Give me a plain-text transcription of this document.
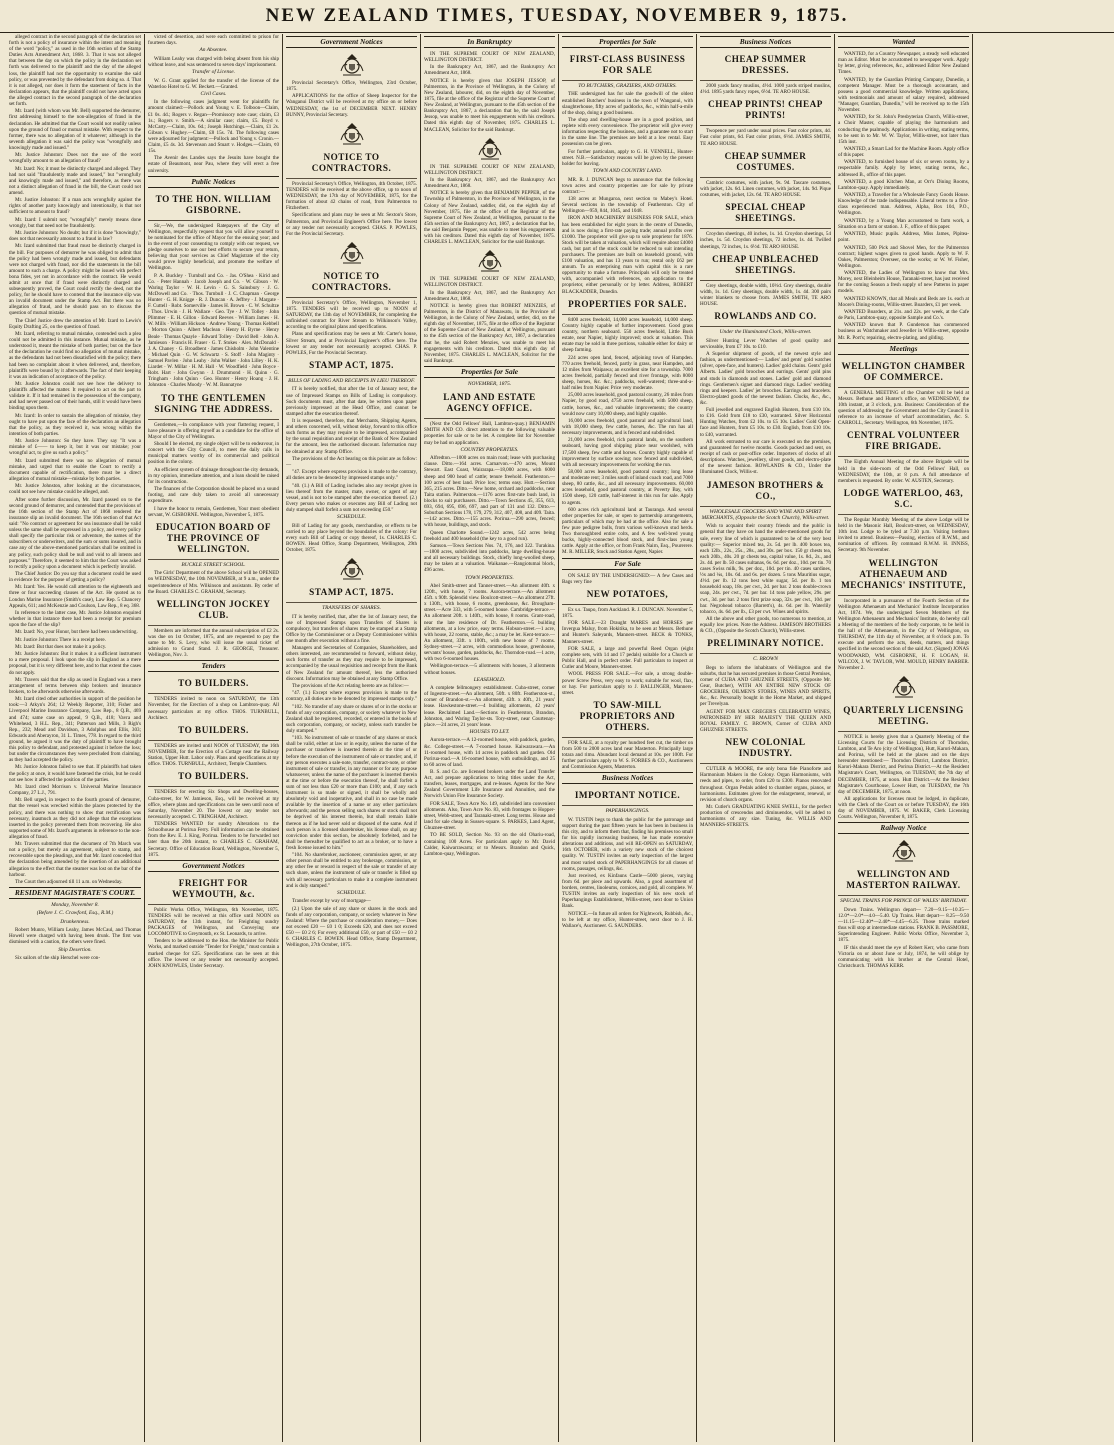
NEW ZEALAND TIMES, TUESDAY, NOVEMBER 9, 1875.

alleged contract in the second paragraph of the declaration set forth is not a policy of insurance within the intent and meaning of the word "policy," as used in the 16th section of the Stamp Duties Acts Amendment Act, 1868. 3. That it was not alleged that between the day on which the policy in the declaration set forth was delivered to the plaintiff and the day of the alleged loss, the plaintiff had not the opportunity to examine the said policy, or was prevented by the defendant from doing so. 4. That it is not alleged, nor does it form the statement of facts in the declaration appears, that the plaintiff could not have acted upon the alleged contract in the second paragraph of the declaration set forth.

Mr. Izard (with whom was Mr. Bell) supported the demurrer, first addressing himself to the non-allegation of fraud in the declaration. He admitted that the Court would not readily unless upon the ground of fraud or mutual mistake. With respect to the former, there was no allegation of it whatever; although in the seventh allegation it was said the policy was "wrongfully and knowingly made and issued."

Mr. Justice Johnston: Does not the use of the word wrongfully amount to an allegation of fraud?

Mr. Izard: No; it must be distinctly charged and alleged. They had not said "fraudulently made and issued," but "wrongfully and knowingly made and issued," and therefore, as there was not a distinct allegation of fraud in the bill, the Court could not amend.

Mr. Justice Johnston: If a man acts wrongfully against the rights of another party knowingly and intentionally, is that not sufficient to amount to fraud?

Mr. Izard: I submit not; "wrongfully" merely means done wrongly, but that need not be fraudulently.

Mr. Justice Johnston: No doubt; but if it is done "knowingly," does not that necessarily amount to a fraud in law?

Mr. Izard submitted that fraud must be distinctly charged in the bill. For purposes of demurrer he was obliged to admit that the policy had been wrongly made and issued, but defendants were not charged with fraud, nor did the statements in the bill amount to such a charge. A policy might be issued with perfect bona fides, yet not in accordance with the contract. He would admit at once that if fraud were distinctly charged and subsequently proved, the Court could rectify the deed, not the policy, for he should have to contend that the insurance slip was an invalid document under the Stamp Act. But there was no allegation of fraud, and he should pass on to discuss the question of mutual mistake.

The Chief Justice drew the attention of Mr. Izard to Lewis's Equity Drafting 25, on the question of fraud.

Mr. Izard, referring to mutual mistake, contended such a plea could not be admitted in this instance. Mutual mistake, as he understood it, meant the mistake of both parties; but on the face of the declaration he could find no allegation of mutual mistake, as the defendants had not been dissatisfied with the policy; there had been no complaint about it when delivered, and, therefore, plaintiffs were bound by it afterwards. The fact of their keeping it was an indication of acceptance of the policy.

Mr. Justice Johnston could not see how the delivery to plaintiffs affected the matter. It required to act on the part to validate it. If it had remained in the possession of the company, and had never passed out of their hands, still it would have been binding upon them.

Mr. Izard: In order to sustain the allegation of mistake, they ought to have put upon the face of the declaration an allegation that the policy, as they received it, was wrong within the intention of both parties.

Mr. Justice Johnston: So they have. They say "It was a mistake of £—— to keep it, but it was our mistake; your wrongful act, to give us such a policy."

Mr. Izard submitted there was no allegation of mutual mistake, and urged that to enable the Court to rectify a document capable of rectification, there must be a direct allegation of mutual mistake—mistake by both parties.

Mr. Justice Johnston, after looking at the circumstances, could not see how mistake could be alleged, and.

After some further discussion, Mr. Izard passed on to the second ground of demurrer, and contended that the provisions of the 16th section of the Stamp Act of 1868 rendered the insurance slip an invalid document. The 16th section of that Act said: "No contract or agreement for sea insurance shall be valid unless the same shall be expressed in a policy, and every policy shall specify the particular risk or adventure, the names of the subscribers or underwriters, and the sum or sums insured, and in case any of the above-mentioned particulars shall be omitted in any policy, such policy shall be null and void to all intents and purposes." Therefore, it seemed to him that the Court was asked to rectify a policy upon a document which is perfectly invalid.

The Chief Justice: Do you say that a document could be used in evidence for the purpose of getting a policy?

Mr. Izard: Yes. He would call attention to the eighteenth and three or four succeeding clauses of the Act. He quoted as to London Marine Insurance (Smith's case), Law Rep. 5 Chancery Appeals, 611; and McKenzie and Coulson, Law Rep., 8 eq. 368.

In reference to the latter case, Mr. Justice Johnston enquired whether in that instance there had been a receipt for premium upon the face of the slip?

Mr. Izard: No, your Honor, but there had been underwriting.

Mr. Justice Johnston: There is a receipt here.

Mr. Izard: But that does not make it a policy.

Mr. Justice Johnston: But it makes it a sufficient instrument to a mere proposal. I look upon the slip in England as a mere proposal, but it is very different here, and to that extent the cases do not apply.

Mr. Travers said that the slip as used in England was a mere arrangement of terms between ship brokers and insurance brokers, to be afterwards otherwise afterwards.

Mr. Izard cited other authorities in support of the position he took:—3 Atkyn's 264; 12 Weekly Reporter, 310; Fisher and Liverpool Marine Insurance Company, Law Rep., 8 Q.B., 469 and 474; same case on appeal, 9 Q.B., 418; Vavra and Whitehead, 3 H.L. Rep., 341; Patterson and Mills, 3 Righ's Rep., 232; Mead and Davidson, 3 Adolphus and Ellis, 303; Edwards and Aberayron, 31 L. Times, 778. In regard to the third ground, he argued it was the duty of plaintiff to have brought this policy to defendant, and protested against it before the loss; but under the circumstances they were precluded from claiming, as they had accepted the policy.

Mr. Justice Johnston failed to see that. If plaintiffs had taken the policy at once, it would have fastened the crisis, but he could not see how it affected the position of the parties.

Mr. Izard cited Morrison v. Universal Marine Insurance Company, 27 L.J., 791.

Mr. Bell urged, in respect to the fourth ground of demurrer, that the vessel was wrecked within the places protected by the policy, and there was nothing to show that rectification was necessary, inasmuch as they did not allege that the exceptions inserted in the policy prevented them from recovering. He also supported some of Mr. Izard's arguments in reference to the non-allegation of fraud.

Mr. Travers submitted that the document of 7th March was not a policy, but merely an agreement, subject to stamp, and recoverable upon the pleadings, and that Mr. Izard conceded that the declaration being amended by the insertion of an additional allegation to the effect that the steamer was lost on the bar of the harbour.

The Court then adjourned till 11 a.m. on Wednesday.

RESIDENT MAGISTRATE'S COURT.
Monday, November 8.
(Before J. C. Crawford, Esq., R.M.)
Drunkenness.

Robert Munro, William Leahy, James McCaul, and Thomas Howell were charged with having been drunk. The first was dismissed with a caution, the others were fined.

Ship Desertion.

Six sailors of the ship Herschel were con-

victed of desertion, and were each committed to prison for fourteen days.

An Absentee.

William Leahy was charged with being absent from his ship without leave, and was sentenced to seven days' imprisonment.

Transfer of License.

W. G. Grant applied for the transfer of the license of the Waterloo Hotel to G. W. Beckett.—Granted.

Civil Cases.

In the following cases judgment went for plaintiffs for amount claimed:—Pollock and Young v. E. Tolboon—Claim, £1 0s. 4d.; Rogers v. Regan—Promissory note case; claim, £3 1s.; Rogers v. Smith.—A similar case; claim, £5. Boyd v. McCarty.—Claim, 10s. 6d.; Joseph Hutchings.—Claim, £1 2s. Gibson v. Hughey.—Claim, £8 15s. 7d. The following cases were adjourned for judgment:—Pollock and Young v. Cronin.—Claim, £5 4s. 3d. Stevenson and Stuart v. Hodges.—Claim, ¢0 15s.

The Avenir des Landes says the Jesuits have bought the estate of Beaumont, near Pau, where they will erect a free university.

Public Notices
TO THE HON. WILLIAM GISBORNE.

Sir,—We, the undersigned Ratepayers of the City of Wellington, respectfully request that you will allow yourself to be nominated for the office of Mayor for the ensuing year; and in the event of your consenting to comply with our request, we pledge ourselves to use our best efforts to secure your return, believing that your services as Chief Magistrate of the city would prove highly beneficial, and promote the welfare of Wellington.

P. A. Buckley · Turnbull and Co. · Jas. O'Shea · Kirid and Co. · Peter Hannah · Jacob Joseph and Co. · W. Gibson · W. Waring Taylor · W. H. Levin · G. S. Sainsbury · J. G. McDowell and Co. · Thos. Turnbull · J. C. Chapman · George Hunter · G. H. Knigge · R. J. Duncan · A. Jeffrey · J. Margate · F. Cuttell · Robt. Somerville · James H. Brown · C. W. Schultze · Thos. Urwin · J. H. Wallace · Geo. Tye · J. W. Tolley · John Plimmer · E. H. Gillon · Edward Reeves · William James · H. W. Mills · William Hickson · Andrew Young · Thomas Kebbell · Morton Quinn · Albert Maclean · Henry H. Byrne · Henry Beale · Thomas Quayle · Edward Tolley · David Bell · John A. Jamieson · Francis H. Fraser · G. T. Stokes · Alex. McDonald · J. A. Chaney · G. Broadbent · James Chisholm · John Valentine · Michael Quin · G. W. Schwartz · S. Stoff · John Maginty · Samuel Pavlen · John Leahy · John Walker · John Lilley · H. K. Liardet · W. Millar · H. M. Hall · W. Woodfield · John Boyce · Robt. Hart · John Gwynn · J. Drummond · H. Quinn · G. Tringham · John Quinn · Geo. Hunter · Henry Hoang · J. H. Johnston · Charles Moody · W. M. Bannatyne

TO THE GENTLEMEN SIGNING THE ADDRESS.

Gentlemen,—In compliance with your flattering request, I have pleasure in offering myself as a candidate for the office of Mayor of the City of Wellington.

Should I be elected, my single object will be to endeavour, in concert with the City Council, to meet the daily calls in municipal matters worthy of its commercial and political position in the colony.

An efficient system of drainage throughout the city demands, in my opinion, immediate attention, and a loan should be raised for its construction.

The finances of the Corporation should be placed on a sound footing, and care duly taken to avoid all unnecessary expenditure.

I have the honor to remain, Gentlemen, Your most obedient servant, W. GISBORNE. Wellington, November 5, 1875.

EDUCATION BOARD OF THE PROVINCE OF WELLINGTON.
BUCKLE STREET SCHOOL.

The Girls' Department of the above School will be OPENED on WEDNESDAY, the 10th NOVEMBER, at 9 a.m., under the superintendence of Mrs. Wilkinson and assistants. By order of the Board. CHARLES C. GRAHAM, Secretary.

WELLINGTON JOCKEY CLUB.

Members are informed that the annual subscription of £2 2s. was due on 1st October, 1875, and are requested to pay the same to Mr. S. Levy, who will issue the usual ticket of admission to Grand Stand. J. R. GEORGE, Treasurer. Wellington, Nov. 3.

Tenders
TO BUILDERS.

TENDERS invited to noon on SATURDAY, the 13th November, for the Erection of a shop on Lambton-quay. All necessary particulars at my office. THOS. TURNBULL, Architect.

TO BUILDERS.

TENDERS are invited until NOON of TUESDAY, the 16th NOVEMBER, for the Erection of a Cottage near the Railway Station, Upper Hutt. Labor only. Plans and specifications at my office. THOS. TURNBULL, Architect, Temple Chambers.

TO BUILDERS.

TENDERS for erecting Six Shops and Dwelling-houses, Cuba-street, for W. Jamieson, Esq., will be received at my office, where plans and specifications can be seen until noon of Saturday, November 20. The lowest or any tender not necessarily accepted. C. TRINGHAM, Architect.

TENDERS WANTED for sundry Alterations to the Schoolhouse at Porirua Ferry. Full information can be obtained from the Rev. E. J. King, Porirua. Tenders to be forwarded not later than the 20th instant, to CHARLES C. GRAHAM, Secretary. Office of Education Board, Wellington, November 5, 1875.

Government Notices
FREIGHT FOR WEYMOUTH, &c.

Public Works Office, Wellington, 6th November, 1875. TENDERS will be received at this office until NOON on SATURDAY, the 13th instant, for Freighting sundry PACKAGES of Wellington, and Conveying one LOCOMOTIVE to Greymouth, ex St. Leonards, to arrive.

Tenders to be addressed to the Hon. the Minister for Public Works, and marked outside "Tender for Freight," must contain a marked cheque for £25. Specifications can be seen at this office. The lowest or any tender not necessarily accepted. JOHN KNOWLES, Under Secretary.

Government Notices

Provincial Secretary's Office, Wellington, 23rd October, 1875.

APPLICATIONS for the office of Sheep Inspector for the Wanganui District will be received at my office on or before WEDNESDAY, the 1st of DECEMBER NEXT. HENRY BUNNY, Provincial Secretary.

NOTICE TO CONTRACTORS.

Provincial Secretary's Office, Wellington, 4th October, 1875. TENDERS will be received at the above office, up to noon of WEDNESDAY, the 17th day of NOVEMBER, 1875, for the formation of about 42 chains of road, from Palmerston to Fitzherbert.

Specifications and plans may be seen at Mr. Sexton's Store, Palmerston, and Provincial Engineer's Office here. The lowest or any tender not necessarily accepted. CHAS. P. POWLES, For the Provincial Secretary.

NOTICE TO CONTRACTORS.

Provincial Secretary's Office, Wellington, November 1, 1875. TENDERS will be received up to NOON of SATURDAY, the 13th day of NOVEMBER, for completing the unfinished contract for River Stream to Wilkinson's Valley, according to the original plans and specifications.

Plans and specifications may be seen at Mr. Carter's house, Silver Stream, and at Provincial Engineer's office here. The lowest or any tender not necessarily accepted. CHAS. P. POWLES, For the Provincial Secretary.

STAMP ACT, 1875.
BILLS OF LADING AND RECEIPTS IN LIEU THEREOF.

IT is hereby notified, that after the 1st of January next, the use of Impressed Stamps on Bills of Lading is compulsory. Such documents must, after that date, be written upon paper previously impressed at the Head Office, and cannot be stamped after the execution thereof.

It is requested, therefore, that Merchants, Shipping Agents, and others concerned, will, without delay, forward to this office such forms as they may require to be impressed, accompanied by the usual requisition and receipt of the Bank of New Zealand for the amount, less the authorised discount. Information may be obtained at any Stamp Office.

The provisions of the Act bearing on this point are as follow:—

"47. Except where express provision is made to the contrary, all duties are to be denoted by impressed stamps only."

"40. (1.) A Bill of Lading includes also any receipt given in lieu thereof from the master, mate, owner, or agent of any vessel, and is not to be stamped after the execution thereof. (2.) Every person who makes or executes any Bill of Lading not duly stamped shall forfeit a sum not exceeding £50."

SCHEDULE.

Bill of Lading for any goods, merchandise, or effects to be carried to any place beyond the boundaries of the colony: For every such Bill of Lading or copy thereof, 1s. CHARLES C. BOWEN. Head Office, Stamp Department, Wellington, 29th October, 1875.

STAMP ACT, 1875.
TRANSFERS OF SHARES.

IT is hereby notified, that, after the 1st of January next, the use of Impressed Stamps upon Transfers of Shares is compulsory, but transfers of shares may be stamped at a Stamp Office by the Commissioner or a Deputy Commissioner within one month after execution without a fine.

Managers and Secretaries of Companies, Shareholders, and others interested, are recommended to forward, without delay, such forms of transfer as they may require to be impressed, accompanied by the usual requisition and receipt from the Bank of New Zealand for amount thereof, less the authorised discount. Information may be obtained at any Stamp Office.

The provisions of the Act relating hereto are as follow:—

"47. (1.) Except where express provision is made to the contrary, all duties are to be denoted by impressed stamps only."

"102. No transfer of any share or shares of or in the stocks or funds of any corporation, company, or society whatever in New Zealand shall be registered, recorded, or entered in the books of such corporation, company, or society, unless such transfer be duly stamped."

"103. No instrument of sale or transfer of any shares or stock shall be valid, either at law or in equity, unless the name of the purchaser or transferee is inserted therein at the time of or before the execution of the instrument of sale or transfer; and, if any person executes a sale-note, transfer, contract-note, or other instrument of sale or transfer, in any manner or for any purpose whatsoever, unless the name of the purchaser is inserted therein at the time or before the execution thereof, he shall forfeit a sum of not less than £20 or more than £100; and, if any such instrument is so made or signed, it shall be wholly and absolutely void and inoperative, and shall in no case be made available by the insertion of a name or any other particulars afterwards; and the person selling such shares or stock shall not be deprived of his interest therein, but shall remain liable thereon as if he had never sold or disposed of the same. And if such person is a licensed sharebroker, his license shall, on any conviction under this section, be absolutely forfeited, and he shall be thereafter be qualified to act as a broker, or to have a fresh license issued to him."

"104. No sharebroker, auctioneer, commission agent, or any other person shall be entitled to any brokerage, commission, or any other fee or reward in respect of the sale or transfer of any such share, unless the instrument of sale or transfer is filled up with all necessary particulars to make it a complete instrument and is duly stamped."

SCHEDULE.

Transfer except by way of mortgage—

(2.) Upon the sale of any share or shares in the stock and funds of any corporation, company, or society whatever in New Zealand: Where the purchase or consideration money,— Does not exceed £20 — £0 1 0; Exceeds £20, and does not exceed £50 — £0 2 6; For every additional £50, or part of £50 — £0 2 6. CHARLES C. BOWEN. Head Office, Stamp Department, Wellington, 27th October, 1875.

In Bankruptcy

IN THE SUPREME COURT OF NEW ZEALAND, WELLINGTON DISTRICT.

In the Bankruptcy Act, 1867, and the Bankruptcy Act Amendment Act, 1868.

NOTICE is hereby given that JOSEPH JESSOP, of Palmerston, in the Province of Wellington, in the Colony of New Zealand, labourer, did, on the eighth day of November, 1875, file at the office of the Registrar of the Supreme Court of New Zealand, at Wellington, pursuant to the 45th section of the Bankruptcy Act, 1867, a declaration that he, the said Joseph Jessop, was unable to meet his engagements with his creditors. Dated this eighth day of November, 1875. CHARLES L. MACLEAN, Solicitor for the said Bankrupt.

IN THE SUPREME COURT OF NEW ZEALAND, WELLINGTON DISTRICT.

In the Bankruptcy Act, 1867, and the Bankruptcy Act Amendment Act, 1868.

NOTICE is hereby given that BENJAMIN PEPPER, of the Township of Palmerston, in the Province of Wellington, in the Colony of New Zealand, saddler, did, on the eighth day of November, 1875, file at the office of the Registrar of the Supreme Court of New Zealand, at Wellington, pursuant to the 45th section of the Bankruptcy Act, 1867, a declaration that he, the said Benjamin Pepper, was unable to meet his engagements with his creditors. Dated this eighth day of November, 1875. CHARLES L. MACLEAN, Solicitor for the said Bankrupt.

IN THE SUPREME COURT OF NEW ZEALAND, WELLINGTON DISTRICT.

In the Bankruptcy Act, 1867, and the Bankruptcy Act Amendment Act, 1868.

NOTICE is hereby given that ROBERT MENZIES, of Palmerston, in the District of Manawatu, in the Province of Wellington, in the Colony of New Zealand, settler, did, on the eighth day of November, 1875, file at the office of the Registrar of the Supreme Court of New Zealand, at Wellington, pursuant to the 45th section of the Bankruptcy Act, 1867, a declaration that he, the said Robert Menzies, was unable to meet his engagements with his creditors. Dated this eighth day of November, 1875. CHARLES L. MACLEAN, Solicitor for the said Bankrupt.

Properties for Sale
NOVEMBER, 1875.
LAND AND ESTATE AGENCY OFFICE.

(Next the Odd Fellows' Hall, Lambton-quay.) BENJAMIN SMITH AND CO. direct attention to the following valuable properties for sale or to be let. A complete list for November may be had on application.

COUNTRY PROPERTIES.

Alfredton.—1000 acres on main road; lease with purchasing clause. Ditto.—164 acres. Carnarvon.—470 acres, Mount Stewart. East Coast, Wairarapa.—18,000 acres, with 6000 sheep and 900 head of cattle; tenure freehold. Featherston.—100 acres of best land. Price low; terms easy. Hutt.—Section 365, 215 acres. Ditto.—New home, orchard and paddocks, near Taita station. Palmerston.—1176 acres first-rate bush land, in blocks to suit purchasers. Ditto.—Town Sections 45, 355, 613, 693, 694, 695, 696, 697, and part of 131 and 132. Ditto.—Suburban Sections 178, 179, 279, 312, 407, 408, and 409. Taita.—142 acres. Ditto.—155 acres. Porirua.—290 acres, fenced; with house, buildings, and stock.

Queen Charlotte Sound.—1242 acres, 542 acres being freehold and 400 leasehold (the key to a good run).

Samson.—Town Sections Nos. 74, 176, and 322. Turakina.—1800 acres, subdivided into paddocks, large dwelling-house and all necessary buildings. Stock, chiefly long-woolled sheep, may be taken at a valuation. Waikanae.—Rangiotumai block, 496 acres.

TOWN PROPERTIES.

Abel Smith-street and Tanner-street.—An allotment 40ft. x 120ft., with house, 7 rooms. Aurora-terrace.—An allotment 45ft. x 90ft. Splendid view. Boulcott-street.—An allotment 27ft. x 130ft., with house, 6 rooms, greenhouse, &c. Brougham-street.—Acre 333, with 5-roomed house. Cambridge-terrace.—An allotment 20ft. x 140ft., with house, 8 rooms. Grant-road, near the late residence of Dr. Featherston.—5 building allotments, at a low price, easy terms. Hobson-street.—1 acre, with house, 22 rooms, stable, &c.; a may be let. Kent-terrace.—An allotment, 33ft. x 100ft., with new house of 7 rooms. Sydney-street.—2 acres, with commodious house, greenhouse, servants' house, garden, paddocks, &c. Thorndon-road.—1 acre, with two 6-roomed houses.

Wellington-terrace.—5 allotments with houses, 3 allotments without houses.

LEASEHOLD.

A complete fellmongery establishment. Cuba-street, corner of Ingestre-street.—An allotment, 50ft. x 80ft. Featherston-st., corner of Brandon-st.—An allotment, 43ft. x 40ft., 21 years' lease. Hawkestone-street.—4 building allotments, 42 years' lease. Reclaimed Land.—Sections in Featherston, Brandon, Johnston, and Waring Taylor-sts. Tory-street, near Courtenay-place.—24 acres, 21 years' lease.

HOUSES TO LET.

Aurora-terrace.—A 12-roomed house, with paddock, garden, &c. College-street.—A 7-roomed house. Kaiwarawara.—An 11-roomed house, with 14 acres in paddock and garden. Old Porirua-road.—A 16-roomed house, with outbuildings, and 25 to 60 acres of land.

B. S. and Co. are licensed brokers under the Land Transfer Act, and prepare applications to bring titles under the Act, transfers, leases, mortgages, and re-leases. Agents for the New Zealand Government Life Insurance and Annuities, and the Norwich Union Fire Insurance Society.

FOR SALE, Town Acre No. 149, subdivided into convenient allotments. Also, Town Acre No. 83, with frontages to Hopper-street, Webb-street, and Taranaki-street. Long terms. House and land for sale cheap in Sussex-square. S. PARKES, Land Agent, Ghuznee-street.

TO BE SOLD, Section No. 93 on the old Ohariu-road, containing 100 Acres. For particulars apply to Mr. David Calder, Kaiwarrawarra; or to Messrs. Brandon and Quick, Lambton-quay, Wellington.

Properties for Sale
FIRST-CLASS BUSINESS FOR SALE
TO BUTCHERS, GRAZIERS, AND OTHERS.

THE undersigned has for sale the goodwill of the oldest established Butchers' business in the town of Wanganui, with slaughterhouse, fifty acres of paddocks, &c., within half-a-mile of the shop, doing a good business.

The shop and dwelling-house are in a good position, and replete with every convenience. The proprietor will give every information respecting the business, and a guarantee not to start in the same line. The premises are held at a low rental. Easy possession can be given.

For further particulars, apply to G. H. VENNELL, Hunter-street. N.B.—Satisfactory reasons will be given by the present holder for leaving.

TOWN AND COUNTRY LAND.

MR. R. J. DUNCAN begs to announce that the following town acres and country properties are for sale by private contract:—

138 acres at Mungaroa, next section to Mabey's Hotel. Several sections in the township of Featherston. City of Wellington—959, 844, 1045, and 1048.

IRON AND MACHINERY BUSINESS FOR SALE, which has been established for eight years in the centre of Dunedin, and is now doing a first-rate paying trade; annual profits over £1000. The proprietor will give up to sole proprietor for 1876. Stock will be taken at valuation, which will require about £4000 cash, but part of the stock could be reduced to suit intending purchasers. The premises are built on leasehold ground, with £100 valuation, and has 13 years to run; rental only £62 per annum. To an enterprising man with capital this is a rare opportunity to make a fortune. Principals will only be treated with, accompanied with references, on application to the proprietor, either personally or by letter. Address, ROBERT BLACKADDER, Dunedin.

PROPERTIES FOR SALE.

8400 acres freehold, 14,000 acres leasehold, 14,000 sheep. Country highly capable of further improvement. Good grass country, northern seaboard. 550 acres freehold, Little Bush estate, near Napier, highly improved; stock at valuation. This estate may be sold in three portions, valuable either for dairy or sheep farming.

224 acres open land, fenced, adjoining town of Hampden. 770 acres freehold, fenced, partly in grass, near Hampden, and 12 miles from Waipawa; an excellent site for a township. 7000 acres freehold, partially fenced and river frontage, with 8000 sheep, horses, &c. &c.; paddocks, well-watered; three-and-a-half miles from Napier. Price very moderate.

25,000 acres leasehold, good pastoral country, 26 miles from Napier, by good road, 4750 acres freehold, with 5000 sheep, cattle, horses, &c., and valuable improvements; the country would now carry 10,000 sheep, and highly capable.

16,000 acres freehold, good pastoral and agricultural land, with 18,000 sheep, few cattle, horses, &c. The run has all necessary improvements, and is fenced and subdivided.

21,000 acres freehold, rich pastoral lands, on the southern seaboard, having good shipping place near woolshed, with 17,500 sheep, few cattle and horses. Country highly capable of improvement by surface sowing; now fenced and subdivided, with all necessary improvements for working the run.

58,000 acres leasehold, good pastoral country; long lease and moderate rent; 3 miles south of inland coach road, and 7000 sheep, 80 cattle, &c., and all necessary improvements. 60,000 acres leasehold, good pastoral country, at Poverty Bay, with 1500 sheep, 120 cattle, half-interest in this run for sale. Apply to agents.

600 acres rich agricultural land at Tauranga. And several other properties for sale, or open to partnership arrangements, particulars of which may be had at the office. Also for sale a few pure pedigree bulls, from various well-known stud herds. Two thoroughbred entire colts, and A few well-bred young bucks, highly-connected blood stock, and first-class young cattle. Apply at the office, or from Frank Nairn, Esq., Pourerere. M. R. MILLER, Stock and Station Agent, Napier.

For Sale

ON SALE BY THE UNDERSIGNED:— A few Cases and Bags very fine

NEW POTATOES,

Ex s.s. Taupo, from Auckland. R. J. DUNCAN. November 5, 1875.

FOR SALE.—23 Draught MARES and HORSES per Invergua Maluy, from Hokitika, to be seen at Messrs. Bethune and Hunter's Saleyards, Manners-street. BECK & TONKS, Manners-street.

FOR SALE, a large and powerful Reed Organ (eight complete sets, with 14 and 17 pedals) suitable for a Church or Public Hall, and in perfect order. Full particulars to inspect at Cutler and Moore, Manners-street.

WOOL PRESS FOR SALE.—For sale, a strong double-power Screw Press, very easy to work; suitable for wool, flax, or hay. For particulars apply to J. BALLINGER, Manners-street.

TO SAW-MILL PROPRIETORS AND OTHERS.

FOR SALE, at a royalty per hundred feet cut, the timber on from 500 to 2000 acres land near Masterton. Principally large totara and rimu. Abundant local demand at 10s. per 100ft. For further particulars apply to W. S. FORBES & CO., Auctioneers and Commission Agents, Masterton.

Business Notices
IMPORTANT NOTICE.
PAPERHANGINGS.

W. TUSTIN begs to thank the public for the patronage and support during the past fifteen years he has been in business in this city, and to inform them that, finding his premises too small for his rapidly increasing business, he has made extensive alterations and additions, and will RE-OPEN on SATURDAY, 16th OCTOBER, with a variety new stock of the choicest quality. W. TUSTIN invites an early inspection of the largest and most varied stock of PAPERHANGINGS for all classes of rooms, passages, ceilings, &c.

Just received, ex Kinfauns Castle—5000 pieces, varying from 6d. per piece and upwards. Also, a good assortment of borders, centres, linoleums, cornices, and gold, all complete. W. TUSTIN invites an early inspection of his new stock of Paperhangings Establishment, Willis-street, next door to Union Bank.

NOTICE.—In future all orders for Nightwork, Rubbish, &c., to be left at my office, Hunter-street, next door to J. H. Wallace's, Auctioneer. G. SAUNDERS.

Business Notices
CHEAP SUMMER DRESSES.

2000 yards fancy muslins, 4½d. 1000 yards striped muslins, 4½d. 1895 yards fancy ropes, 6½d. TE ARO HOUSE.

CHEAP PRINTS! CHEAP PRINTS!

Twopence per yard under usual prices. Fast color prints, 4d. Fast color prints, 6d. Fast color prints, 6½d. JAMES SMITH, TE ARO HOUSE.

CHEAP SUMMER COSTUMES.

Cambric costumes, with jacket, 9s. 9d. Tascare costumes, with jacket, 12s. 6d. Linen costumes, with jacket, 14s. 9d. Pique costumes, with jacket, 12s. 6d. TE ARO HOUSE.

SPECIAL CHEAP SHEETINGS.

Croydon sheetings, 40 inches, 1s. 1d. Croydon sheetings, 54 inches, 1s. 5d. Croydon sheetings, 72 inches, 1s. 4d. Twilled sheetings, 72 inches, 1s. 6½d. TE ARO HOUSE.

CHEAP UNBLEACHED SHEETINGS.

Grey sheetings, double width, 10½d. Grey sheetings, double width, 1s. 1d. Grey sheetings, double width, 1s. 4d. 300 pairs winter blankets to choose from. JAMES SMITH, TE ARO HOUSE.

ROWLANDS AND CO.
Under the Illuminated Clock, Willis-street.

Silver Hunting Lever Watches of good quality and serviceable, from £7 10s. to £10.

A Superior shipment of goods, of the newest style and fashion, as undermentioned:— Ladies' and gents' gold watches (silver, open-face, and hunters). Ladies' gold chains. Gents' gold Alberts. Ladies' gold brooches and earrings. Gents' gold pins and studs in diamonds and stones. Ladies' gold and diamond rings. Gentlemen's signet and diamond rings. Ladies' wedding rings and keepers. Ladies' jet brooches. Earrings and bracelets. Electro-plated goods of the newest fashion. Clocks, &c., &c., &c.

Full jewelled and engraved English Hunters, from £10 10s. to £16. Gold from £18 to £30, warranted. Silver Horizontal Hunting Watches, from £2 10s. to £5 10s. Ladies' Gold Open-face and Hunters, from £5 10s. to £30. English, from £10 10s. to £40, warranted.

All work entrusted to our care is executed on the premises, and guaranteed for twelve months. Goods packed and sent, on receipt of cash or post-office order. Importers of clocks of all descriptions. Watches, jewellery, silver goods, and electro-plate of the newest fashion. ROWLANDS & CO., Under the Illuminated Clock, Willis-st.

JAMESON BROTHERS & CO.,
WHOLESALE GROCERS AND WINE AND SPIRIT MERCHANTS, (Opposite the Scotch Church), Willis-street.

Wish to acquaint their country friends and the public in general that they have on hand the under-mentioned goods for sale, every line of which is guaranteed to be of the very best quality:— Superior mixed tea, 2s. 5d. per lb. 400 boxes tea, each 12lb., 22s., 25s., 28s., and 30s. per box. 150 gr chests tea, each 20lb., 40s. 20 gr chests tea, capital value, 1s. 8d., 2s., and 2s. 4d. per lb. 50 cases sultanas, 6s. 6d. per doz., 10d. per tin. 70 cases Swiss milk, 9s. per doz., 10d. per tin. 40 cases sardines, ½s and ¼s, 10s. 6d. and 6s. per dozen. 5 tons Mauritius sugar, 4½d. per lb. 12 tons best white sugar, 5d. per lb. 1 ton household soap, 18s. per cwt., 2d. per bar. 2 tons double-crown soap, 24s. per cwt., 7d. per bar. 14 tons pale yellow, 29s. per cwt., 3d. per bar. 2 tons first prize soap, 32s. per cwt., 10d. per bar. Negrohead tobacco (Barrett's), 4s. 6d. per lb. Waterlily tobacco, 4s. 6d. per lb., £3 per cwt. Wines and spirits.

All the above and other goods, too numerous to mention, at equally low prices. Note the Address. JAMESON BROTHERS & CO., (Opposite the Scotch Church), Willis-street.

PRELIMINARY NOTICE.
C. BROWN

Begs to inform the inhabitants of Wellington and the suburbs, that he has secured premises in those Central Premises, corner of CUBA AND GHUZNEE STREETS, (Opposite Mr. Gear, Butcher), WITH AN ENTIRE NEW STOCK OF GROCERIES, OILMEN'S STORES, WINES AND SPIRITS, &c., &c. Personally bought in the Home Market, and shipped per Trevelyan.

AGENT FOR MAX GREGER'S CELEBRATED WINES, PATRONISED BY HER MAJESTY THE QUEEN AND ROYAL FAMILY. C. BROWN, Corner of CUBA AND GHUZNEE STREETS.

NEW COLONIAL INDUSTRY.

CUTLER & MOORE, the only bona fide Pianoforte and Harmonium Makers in the Colony. Organ Harmoniums, with reeds and pipes, to order, from £20 to £300. Pianos renovated throughout. Organ Pedals added to chamber organs, pianos, or harmoniums. Estimates given for the enlargement, renewal, or revision of church organs.

Mr. Cutler's GRADUATING KNEE SWELL, for the perfect production of crescendos and diminuendos, will be added to harmoniums of any size. Tuning, &c. WILLIS AND MANNERS-STREETS.

Wanted

WANTED, for a Country Newspaper, a steady well educated man as Editor. Must be accustomed to newspaper work. Apply by letter, giving references, &c., addressed Editor New Zealand Times.

WANTED, by the Guardian Printing Company, Dunedin, a competent Manager. Must be a thorough accountant, and possess a good commercial knowledge. Written applications, with testimonials and amount of salary required, addressed "Manager, Guardian, Dunedin," will be received up to the 15th November.

WANTED, for St. John's Presbyterian Church, Willis-street, a Choir Master, capable of playing the harmonium and conducting the psalmody. Applications in writing, stating terms, to be sent in to Mr. W. W. Taylor, Willis-street, not later than 15th inst.

WANTED, a Smart Lad for the Machine Room. Apply office of this paper.

WANTED, to furnished house of six or seven rooms, by a respectable family. Apply by letter, stating terms, &c., addressed B., office of this paper.

WANTED, a good Kitchen Man, at Orr's Dining Rooms, Lambton-quay. Apply immediately.

WANTED, a Traveller for a Wholesale Fancy Goods House. Knowledge of the trade indispensable. Liberal terms to a first-class experienced man. Address, Alpha, Box 104, P.O., Wellington.

WANTED, by a Young Man accustomed to farm work, a Situation on a farm or station. J. F., office of this paper.

WANTED, Music pupils. Address, Miss James, Pipitea-point.

WANTED, 500 Pick and Shovel Men, for the Palmerston contract; highest wages given to good hands. Apply to W. F. Oakes, Palmerston; Overseer, on the works; or W. W. Fisher, Wellington.

WANTED, the Ladies of Wellington to know that Mrs. Morey, next Bleinheim House, Taranaki-street, has just received for the coming Season a fresh supply of new Patterns in paper models.

WANTED KNOWN, that all Meals and Beds are 1s. each at Moore's Dining-rooms, Willis-street. Boarders, £1 per week.

WANTED Boarders, at 21s. and 22s. per week, at the Cafe de Paris, Lambton-quay, opposite Sample and Co.'s.

WANTED known that P. Gunderson has commenced business as Watchmaker and Jeweller in Willis-street, opposite Mr. R. Port's; repairing, electro-plating, and gilding.

Meetings
WELLINGTON CHAMBER OF COMMERCE.

A GENERAL MEETING of the Chamber will be held at Messrs. Bethune and Hunter's office, on WEDNESDAY, the 10th instant, at 3 o'clock, p.m. Business: Consideration of the question of addressing the Government and the City Council in reference to an increase of wharf accommodation, &c. S. CARROLL, Secretary. Wellington, 6th November, 1875.

CENTRAL VOLUNTEER FIRE BRIGADE.

The Eighth Annual Meeting of the above Brigade will be held in the side-room of the Odd Fellows' Hall, on WEDNESDAY, the 10th, at 8 p.m. A full attendance of members is requested. By order. W. AUSTEN, Secretary.

LODGE WATERLOO, 463, S.C.

The Regular Monthly Meeting of the above Lodge will be held in the Masonic Hall, Boulcott-street, on WEDNESDAY, 10th inst. Lodge to be tyled at 7.30 p.m. Visiting brethren invited to attend. Business—Passing, election of R.W.M., and nomination of officers. By command R.W.M. H. INNISS, Secretary. 9th November.

WELLINGTON ATHENAEUM AND MECHANICS' INSTITUTE,

Incorporated in a pursuance of the Fourth Section of the Wellington Athenaeum and Mechanics' Institute Incorporation Act, 1874. We, the undersigned Seven Members of the Wellington Athenaeum and Mechanics' Institute, do hereby call a Meeting of the members of the body corporate, to be held in the hall of the Athenaeum, in the City of Wellington, on THURSDAY, the 11th day of November, at 8 o'clock p.m. To execute and perform the acts, deeds, matters, and things specified in the second section of the said Act. (Signed) JONAS WOODWARD, WM. GISBORNE, H. F. LOGAN, H. WILCOX, J. W. TAYLOR, WM. MOULD, HENRY BARBER. November 2.

QUARTERLY LICENSING MEETING.

NOTICE is hereby given that a Quarterly Meeting of the Licensing Courts for the Licensing Districts of Thorndon, Lambton, and Te Aro (city of Wellington), Hutt, Karori-Makara, and Porirua, will be held at the places and on the days hereunder mentioned:— Thorndon District, Lambton District, Karori-Makara District, and Porirua District.—At the Resident Magistrate's Court, Wellington, on TUESDAY, the 7th day of DECEMBER, 1875, at noon. Hutt District.—At the Resident Magistrate's Courthouse, Lower Hutt, on TUESDAY, the 7th day of DECEMBER, 1875, at noon.

All applications for licenses must be lodged, in duplicate, with the Clerk of the Court on or before TUESDAY, the 16th day of NOVEMBER, 1875. W. BAKER, Clerk Licensing Courts. Wellington, November 8, 1875.

Railway Notice
WELLINGTON AND MASTERTON RAILWAY.
SPECIAL TRAINS FOR PRINCE OF WALES' BIRTHDAY.

Down Trains. Wellington depart— 7.20—9.15—10.35—12.0*—2.0*—4.0—5.40. Up Trains. Hutt depart— 8.25—9.50—11.15—12.40*—2.40*—4.45—6.25. Those trains marked thus will stop at intermediate stations. FRANK B. PASSMORE, Superintending Engineer. Public Works Office, November 3, 1875.

IF this should meet the eye of Robert Kerr, who came from Victoria on or about June or July, 1874, he will oblige by communicating with his brother at the Central Hotel, Christchurch. THOMAS KERR.
